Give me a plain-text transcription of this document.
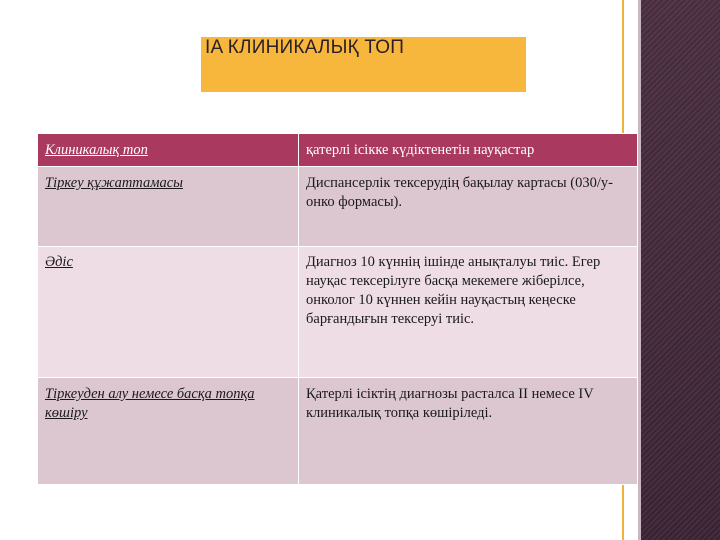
IA КЛИНИКАЛЫҚ ТОП
Клиникалық топ	қатерлі ісікке күдіктенетін науқастар
Тіркеу құжаттамасы	Диспансерлік тексерудің бақылау картасы (030/у-онко формасы).
Әдіс	Диагноз 10 күннің ішінде анықталуы тиіс. Егер науқас тексерілуге басқа мекемеге жіберілсе, онколог 10 күннен кейін науқастың кеңеске барғандығын тексеруі тиіс.
Тіркеуден алу немесе басқа топқа көшіру	Қатерлі ісіктің диагнозы расталса II немесе IV клиникалық топқа көшіріледі.
